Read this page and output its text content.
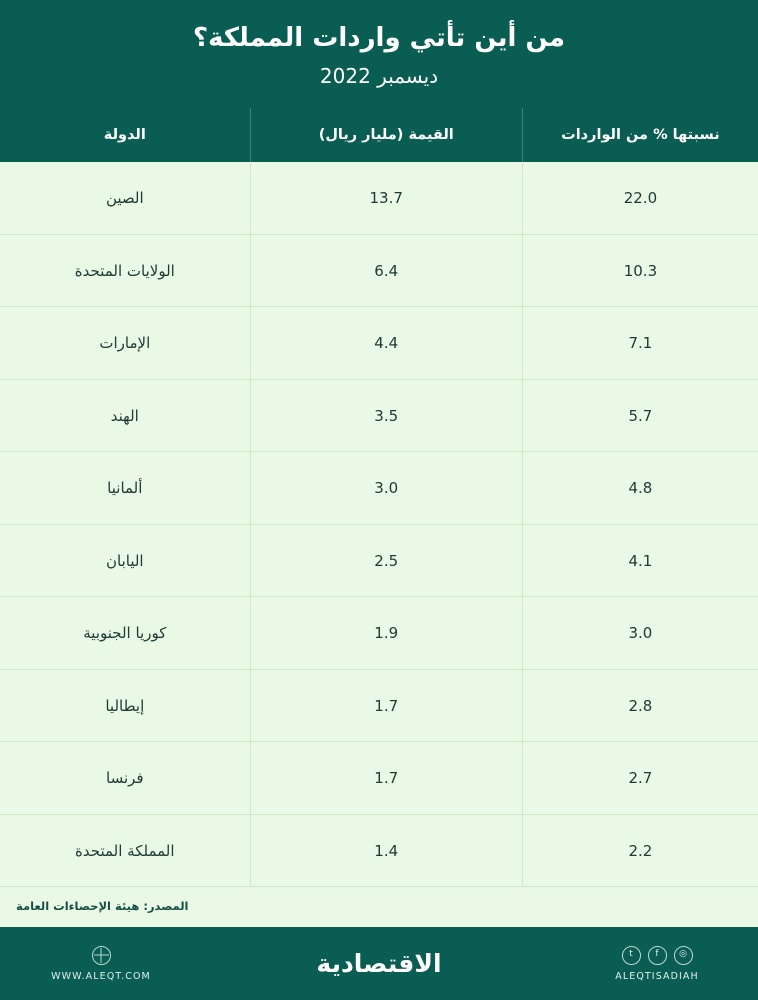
من أين تأتي واردات المملكة؟
ديسمبر 2022
نسبتها % من الواردات	القيمة (مليار ريال)	الدولة
22.0	13.7	الصين
10.3	6.4	الولايات المتحدة
7.1	4.4	الإمارات
5.7	3.5	الهند
4.8	3.0	ألمانيا
4.1	2.5	اليابان
3.0	1.9	كوريا الجنوبية
2.8	1.7	إيطاليا
2.7	1.7	فرنسا
2.2	1.4	المملكة المتحدة
المصدر: هيئة الإحصاءات العامة
◎
f
t
ALEQTISADIAH
الاقتصادية
WWW.ALEQT.COM
